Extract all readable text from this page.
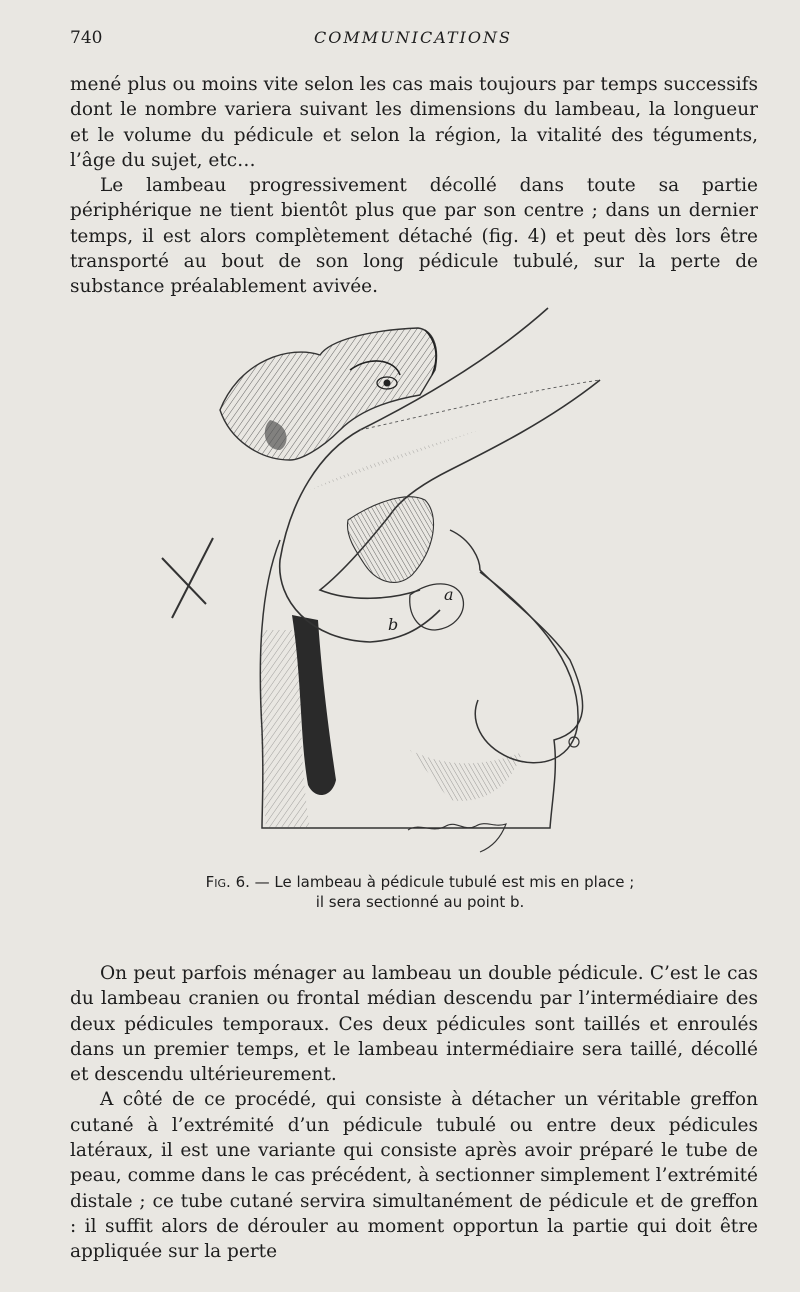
740	COMMUNICATIONS

mené plus ou moins vite selon les cas mais toujours par temps successifs dont le nombre variera suivant les dimensions du lambeau, la longueur et le volume du pédicule et selon la région, la vitalité des téguments, l’âge du sujet, etc…

Le lambeau progressivement décollé dans toute sa partie périphérique ne tient bientôt plus que par son centre ; dans un dernier temps, il est alors complètement détaché (fig. 4) et peut dès lors être transporté au bout de son long pédicule tubulé, sur la perte de substance préalablement avivée.

a
b
Fig. 6. — Le lambeau à pédicule tubulé est mis en place ;
il sera sectionné au point b.

On peut parfois ménager au lambeau un double pédicule. C’est le cas du lambeau cranien ou frontal médian descendu par l’intermédiaire des deux pédicules temporaux. Ces deux pédicules sont taillés et enroulés dans un premier temps, et le lambeau intermédiaire sera taillé, décollé et descendu ultérieurement.

A côté de ce procédé, qui consiste à détacher un véritable greffon cutané à l’extrémité d’un pédicule tubulé ou entre deux pédicules latéraux, il est une variante qui consiste après avoir préparé le tube de peau, comme dans le cas précédent, à sectionner simplement l’extrémité distale ; ce tube cutané servira simultanément de pédicule et de greffon : il suffit alors de dérouler au moment opportun la partie qui doit être appliquée sur la perte
